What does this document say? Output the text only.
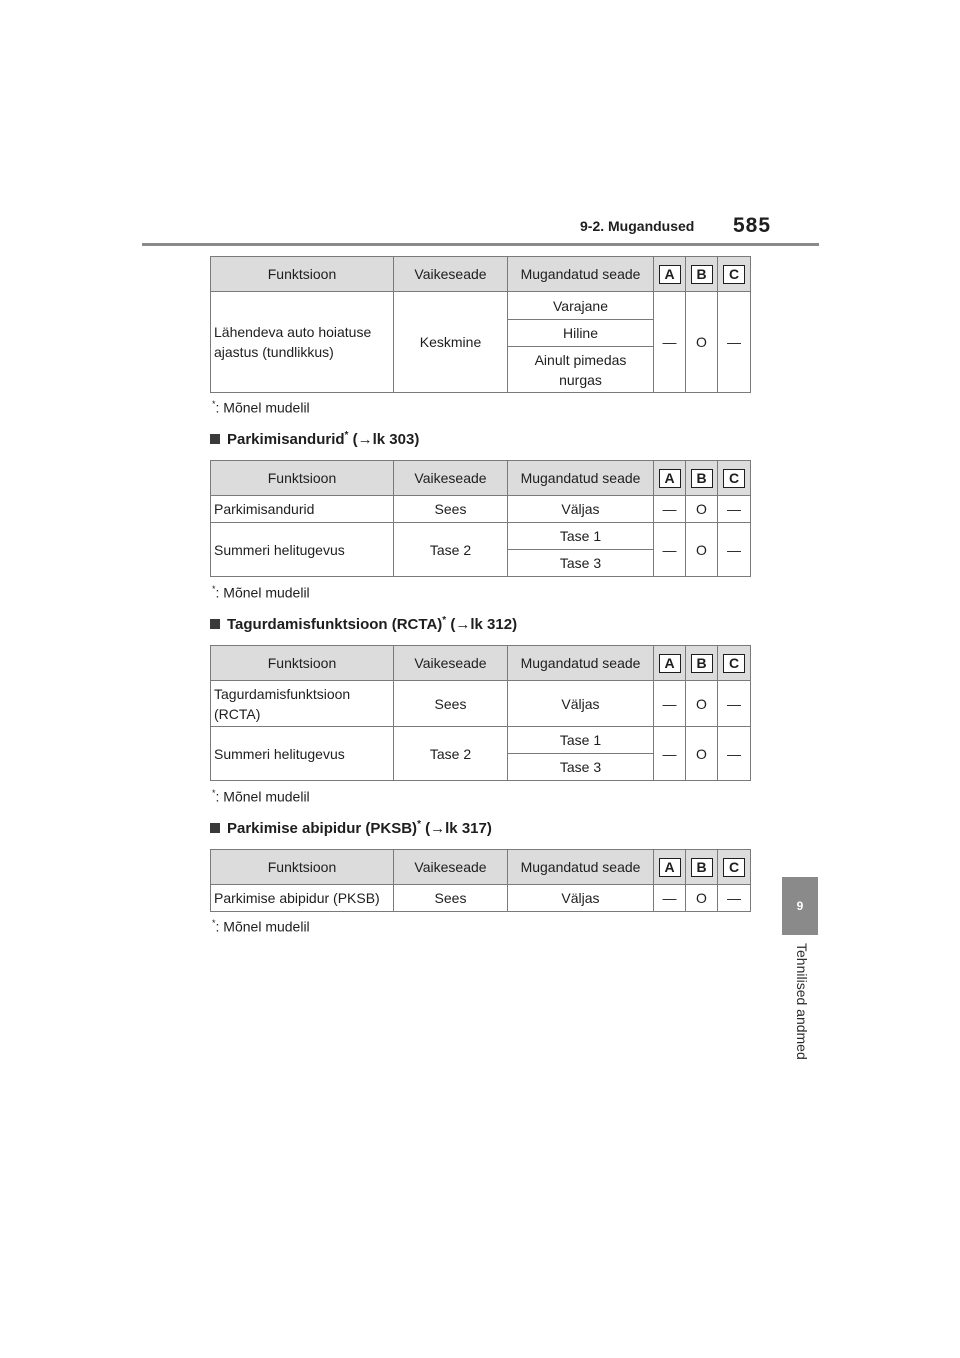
9-2. Mugandused 585
9
Tehnilised andmed
Funktsioon	Vaikeseade	Mugandatud seade	A	B	C
Lähendeva auto hoiatuse
ajastus (tundlikkus)	Keskmine	Varajane	—	O	—
		Hiline			
		Ainult pimedas
nurgas			
*: Mõnel mudelil
Parkimisandurid* (→lk 303)
Funktsioon	Vaikeseade	Mugandatud seade	A	B	C
Parkimisandurid	Sees	Väljas	—	O	—
Summeri helitugevus	Tase 2	Tase 1	—	O	—
		Tase 3			
*: Mõnel mudelil
Tagurdamisfunktsioon (RCTA)* (→lk 312)
Funktsioon	Vaikeseade	Mugandatud seade	A	B	C
Tagurdamisfunktsioon
(RCTA)	Sees	Väljas	—	O	—
Summeri helitugevus	Tase 2	Tase 1	—	O	—
		Tase 3			
*: Mõnel mudelil
Parkimise abipidur (PKSB)* (→lk 317)
Funktsioon	Vaikeseade	Mugandatud seade	A	B	C
Parkimise abipidur (PKSB)	Sees	Väljas	—	O	—
*: Mõnel mudelil
